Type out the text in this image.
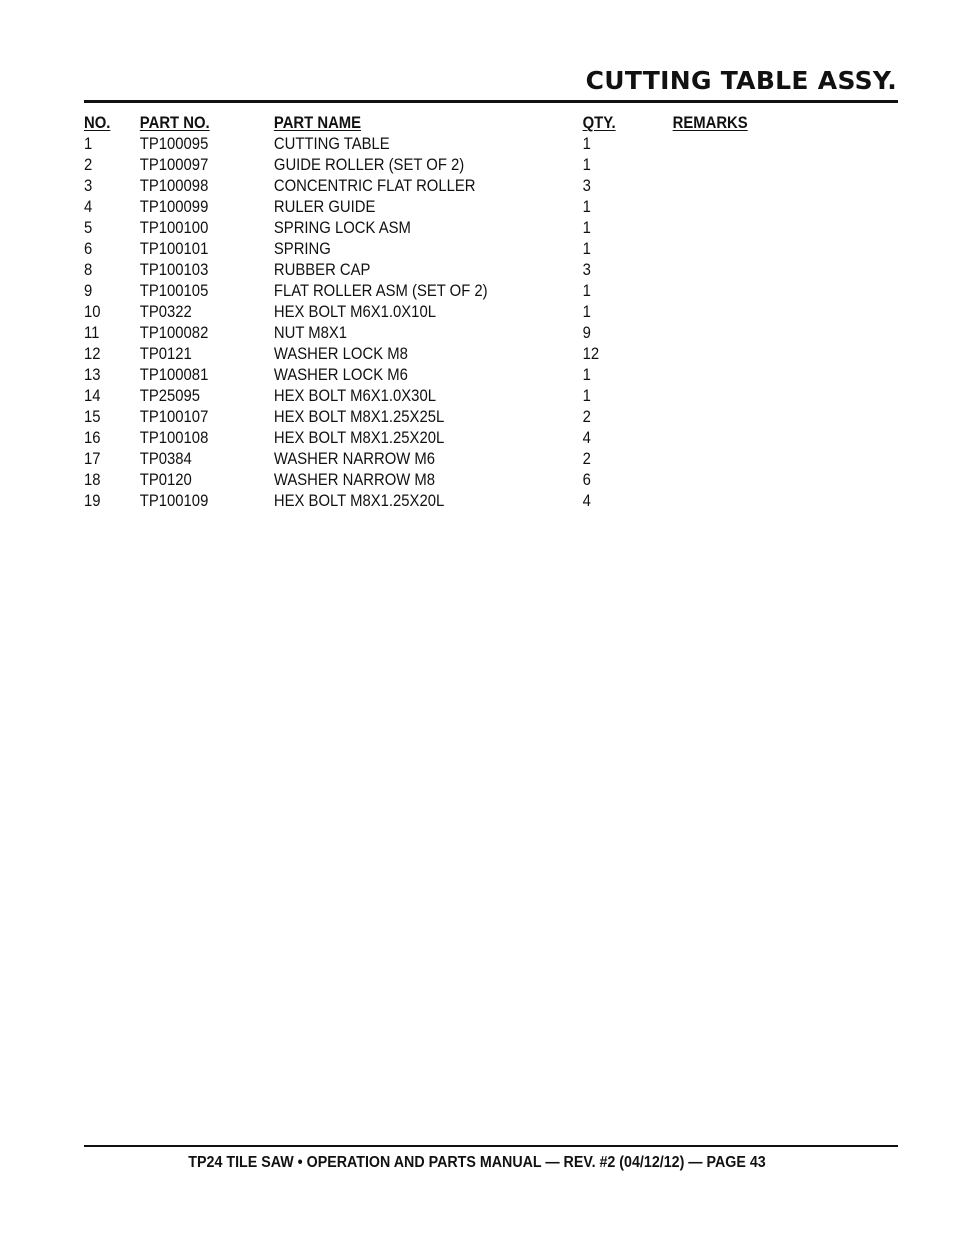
CUTTING TABLE ASSY.
NO.	PART NO.	PART NAME	QTY.	REMARKS
1	TP100095	CUTTING TABLE	1	
2	TP100097	GUIDE ROLLER (SET OF 2)	1	
3	TP100098	CONCENTRIC FLAT ROLLER	3	
4	TP100099	RULER GUIDE	1	
5	TP100100	SPRING LOCK ASM	1	
6	TP100101	SPRING	1	
8	TP100103	RUBBER CAP	3	
9	TP100105	FLAT ROLLER ASM (SET OF 2)	1	
10	TP0322	HEX BOLT M6X1.0X10L	1	
11	TP100082	NUT M8X1	9	
12	TP0121	WASHER LOCK M8	12	
13	TP100081	WASHER LOCK M6	1	
14	TP25095	HEX BOLT M6X1.0X30L	1	
15	TP100107	HEX BOLT M8X1.25X25L	2	
16	TP100108	HEX BOLT M8X1.25X20L	4	
17	TP0384	WASHER NARROW M6	2	
18	TP0120	WASHER NARROW M8	6	
19	TP100109	HEX BOLT M8X1.25X20L	4	
TP24 TILE SAW • OPERATION AND PARTS MANUAL — REV. #2 (04/12/12) — PAGE 43
